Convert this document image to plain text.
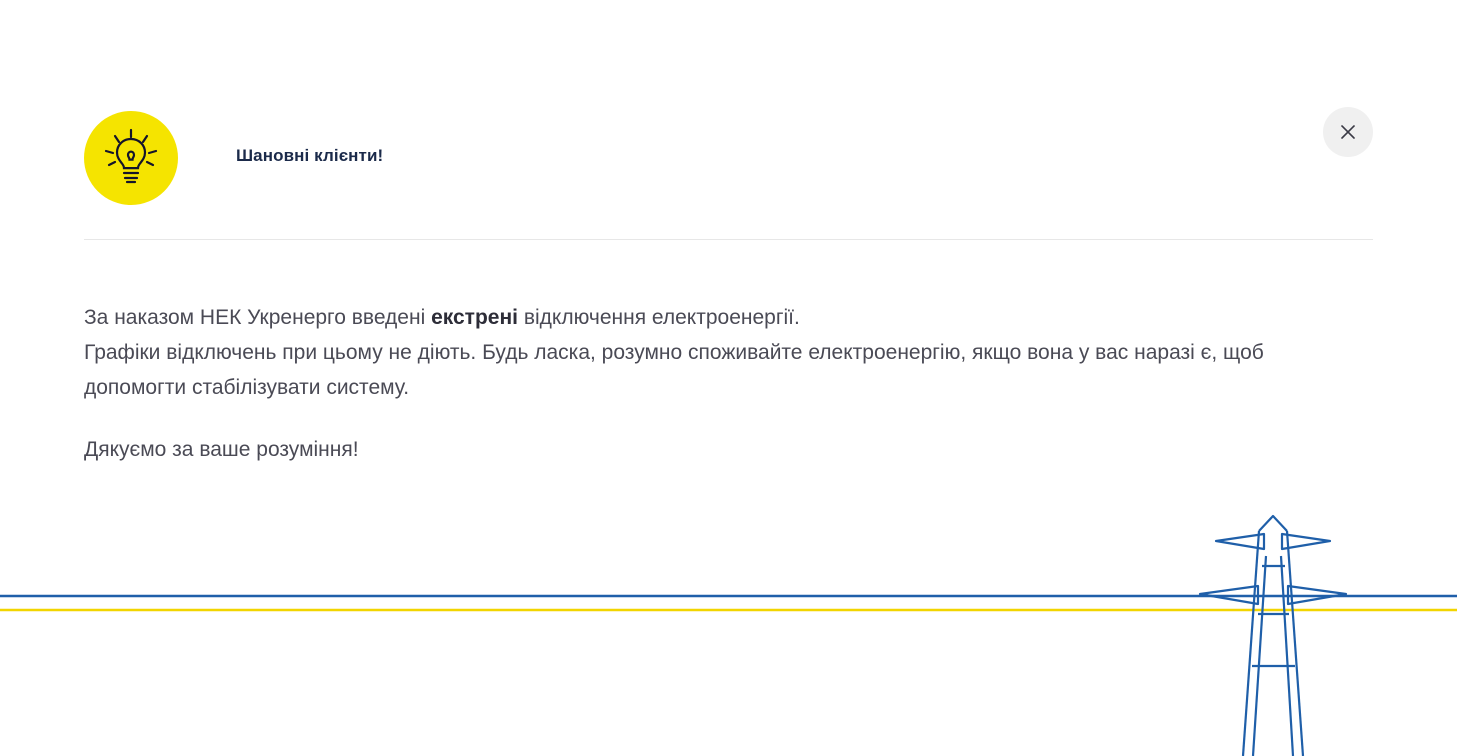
Шановні клієнти!

За наказом НЕК Укренерго введені екстрені відключення електроенергії.

Графіки відключень при цьому не діють. Будь ласка, розумно споживайте електроенергію, якщо вона у вас наразі є, щоб допомогти стабілізувати систему.

Дякуємо за ваше розуміння!
